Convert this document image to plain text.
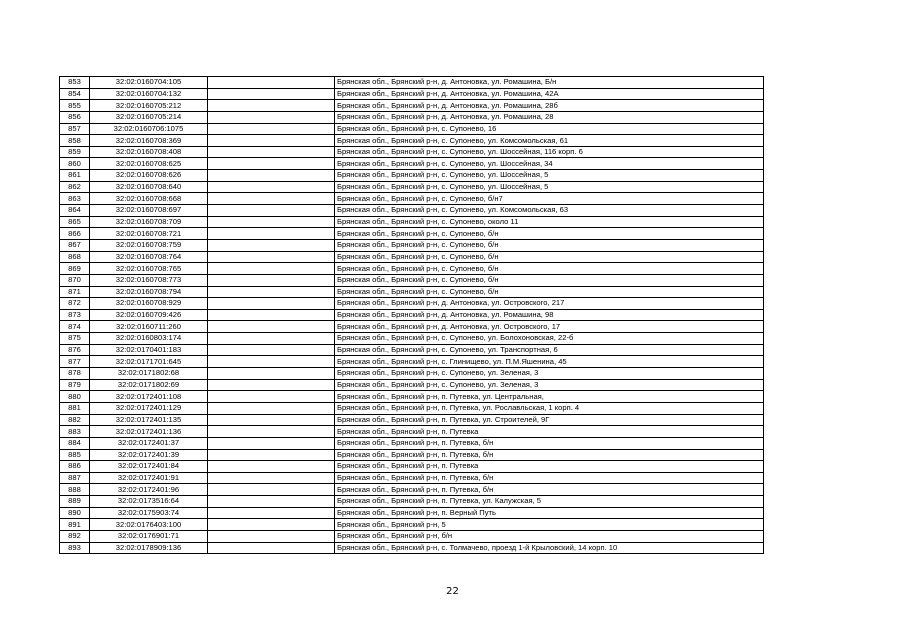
853	32:02:0160704:105		Брянская обл., Брянский р-н, д. Антоновка, ул. Ромашина, Б/н
854	32:02:0160704:132		Брянская обл., Брянский р-н, д. Антоновка, ул. Ромашина, 42А
855	32:02:0160705:212		Брянская обл., Брянский р-н, д. Антоновка, ул. Ромашина, 28б
856	32:02:0160705:214		Брянская обл., Брянский р-н, д. Антоновка, ул. Ромашина, 28
857	32:02:0160706:1075		Брянская обл., Брянский р-н, с. Супонево, 16
858	32:02:0160708:369		Брянская обл., Брянский р-н, с. Супонево, ул. Комсомольская, 61
859	32:02:0160708:408		Брянская обл., Брянский р-н, с. Супонево, ул. Шоссейная, 116 корп. 6
860	32:02:0160708:625		Брянская обл., Брянский р-н, с. Супонево, ул. Шоссейная, 34
861	32:02:0160708:626		Брянская обл., Брянский р-н, с. Супонево, ул. Шоссейная, 5
862	32:02:0160708:640		Брянская обл., Брянский р-н, с. Супонево, ул. Шоссейная, 5
863	32:02:0160708:668		Брянская обл., Брянский р-н, с. Супонево, б/н7
864	32:02:0160708:697		Брянская обл., Брянский р-н, с. Супонево, ул. Комсомольская, 63
865	32:02:0160708:709		Брянская обл., Брянский р-н, с. Супонево, около 11
866	32:02:0160708:721		Брянская обл., Брянский р-н, с. Супонево, б/н
867	32:02:0160708:759		Брянская обл., Брянский р-н, с. Супонево, б/н
868	32:02:0160708:764		Брянская обл., Брянский р-н, с. Супонево, б/н
869	32:02:0160708:765		Брянская обл., Брянский р-н, с. Супонево, б/н
870	32:02:0160708:773		Брянская обл., Брянский р-н, с. Супонево, б/н
871	32:02:0160708:794		Брянская обл., Брянский р-н, с. Супонево, б/н
872	32:02:0160708:929		Брянская обл., Брянский р-н, д. Антоновка, ул. Островского, 217
873	32:02:0160709:426		Брянская обл., Брянский р-н, д. Антоновка, ул. Ромашина, 98
874	32:02:0160711:260		Брянская обл., Брянский р-н, д. Антоновка, ул. Островского, 17
875	32:02:0160803:174		Брянская обл., Брянский р-н, с. Супонево, ул. Болохоновская, 22-б
876	32:02:0170401:183		Брянская обл., Брянский р-н, с. Супонево, ул. Транспортная, 6
877	32:02:0171701:645		Брянская обл., Брянский р-н, с. Глинищево, ул. П.М.Яшенина, 45
878	32:02:0171802:68		Брянская обл., Брянский р-н, с. Супонево, ул. Зеленая, 3
879	32:02:0171802:69		Брянская обл., Брянский р-н, с. Супонево, ул. Зеленая, 3
880	32:02:0172401:108		Брянская обл., Брянский р-н, п. Путевка, ул. Центральная,
881	32:02:0172401:129		Брянская обл., Брянский р-н, п. Путевка, ул. Рославльская, 1 корп. 4
882	32:02:0172401:135		Брянская обл., Брянский р-н, п. Путевка, ул. Строителей, 9Г
883	32:02:0172401:136		Брянская обл., Брянский р-н, п. Путевка
884	32:02:0172401:37		Брянская обл., Брянский р-н, п. Путевка, б/н
885	32:02:0172401:39		Брянская обл., Брянский р-н, п. Путевка, б/н
886	32:02:0172401:84		Брянская обл., Брянский р-н, п. Путевка
887	32:02:0172401:91		Брянская обл., Брянский р-н, п. Путевка, б/н
888	32:02:0172401:96		Брянская обл., Брянский р-н, п. Путевка, б/н
889	32:02:0173516:64		Брянская обл., Брянский р-н, п. Путевка, ул. Калужская, 5
890	32:02:0175903:74		Брянская обл., Брянский р-н, п. Верный Путь
891	32:02:0176403:100		Брянская обл., Брянский р-н, 5
892	32:02:0176901:71		Брянская обл., Брянский р-н, б/н
893	32:02:0178909:136		Брянская обл., Брянский р-н, с. Толмачево, проезд 1-й Крыловский, 14 корп. 10
22
